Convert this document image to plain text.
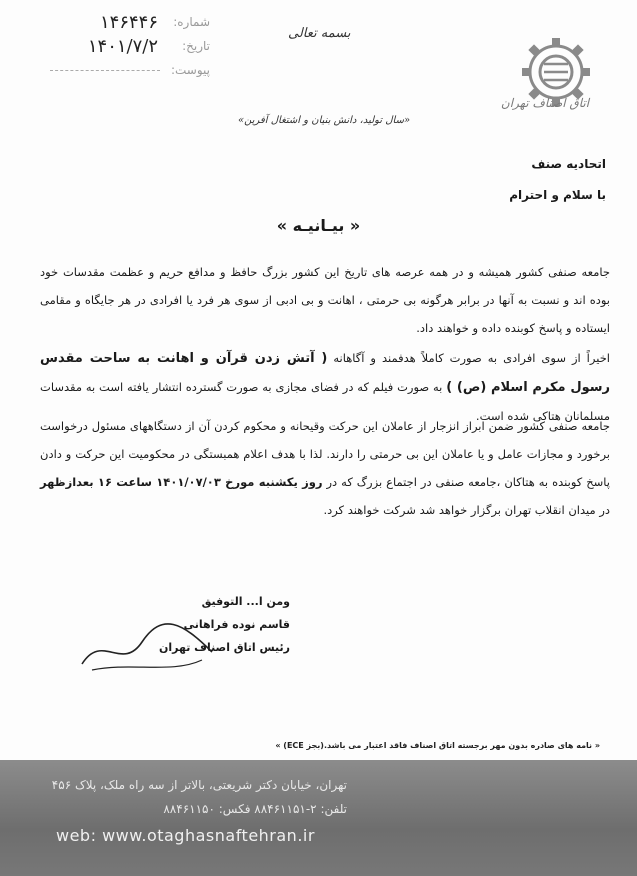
شماره:
۱۴۶۴۴۶
تاریخ:
۱۴۰۱/۷/۲
پیوست:
بسمه تعالی
اتاق اصناف تهران
«سال تولید، دانش بنیان و اشتغال آفرین»
اتحادیه صنف
با سلام و احترام
« بیـانیـه »
جامعه صنفی کشور همیشه و در همه عرصه های تاریخ این کشور بزرگ حافظ و مدافع حریم و عظمت مقدسات خود بوده اند و نسبت به آنها در برابر هرگونه بی حرمتی ، اهانت و بی ادبی از سوی هر فرد یا افرادی در هر جایگاه و مقامی ایستاده و پاسخ کوبنده داده و خواهند داد.
اخیراً از سوی افرادی به صورت کاملاً هدفمند و آگاهانه ( آتش زدن قرآن و اهانت به ساحت مقدس رسول مکرم اسلام (ص) ) به صورت فیلم که در فضای مجازی به صورت گسترده انتشار یافته است به مقدسات مسلمانان هتاکی شده است.
جامعه صنفی کشور ضمن ابراز انزجار از عاملان این حرکت وقیحانه و محکوم کردن آن از دستگاههای مسئول درخواست برخورد و مجازات عامل و یا عاملان این بی حرمتی را دارند. لذا با هدف اعلام همبستگی در محکومیت این حرکت و دادن پاسخ کوبنده به هتاکان ،جامعه صنفی در اجتماع بزرگ که در روز یکشنبه مورخ ۱۴۰۱/۰۷/۰۳ ساعت ۱۶ بعدازظهر در میدان انقلاب تهران برگزار خواهد شد شرکت خواهند کرد.
ومن ا... التوفیق
قاسم نوده فراهانی
رئیس اتاق اصناف تهران
« نامه های صادره بدون مهر برجسته اتاق اصناف فاقد اعتبار می باشد.(بجز ECE) »
تهران، خیابان دکتر شریعتی، بالاتر از سه راه ملک، پلاک ۴۵۶
تلفن: ۲-۸۸۴۶۱۱۵۱ فکس: ۸۸۴۶۱۱۵۰
web: www.otaghasnaftehran.ir
